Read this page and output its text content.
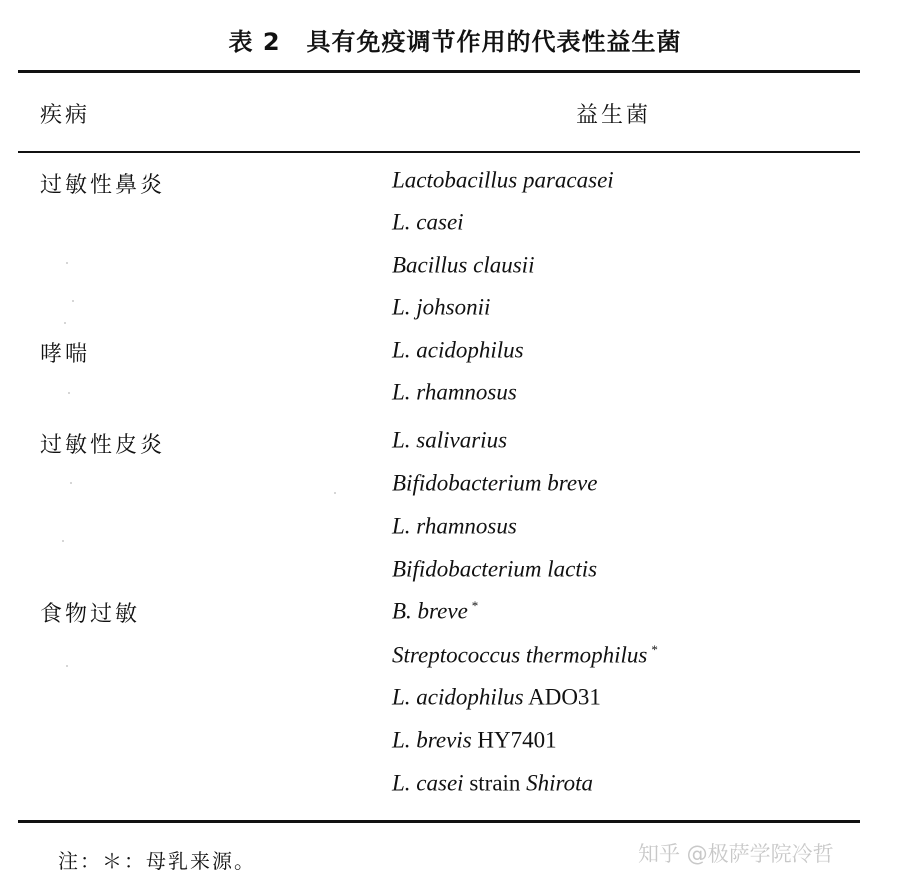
表 2 具有免疫调节作用的代表性益生菌
疾病	益生菌
过敏性鼻炎
哮喘
过敏性皮炎
食物过敏
Lactobacillus paracasei
L. casei
Bacillus clausii
L. johsonii
L. acidophilus
L. rhamnosus
L. salivarius
Bifidobacterium breve
L. rhamnosus
Bifidobacterium lactis
B. breve *
Streptococcus thermophilus *
L. acidophilus ADO31
L. brevis HY7401
L. casei strain Shirota
注：＊：母乳来源。	知乎 @极萨学院冷哲
